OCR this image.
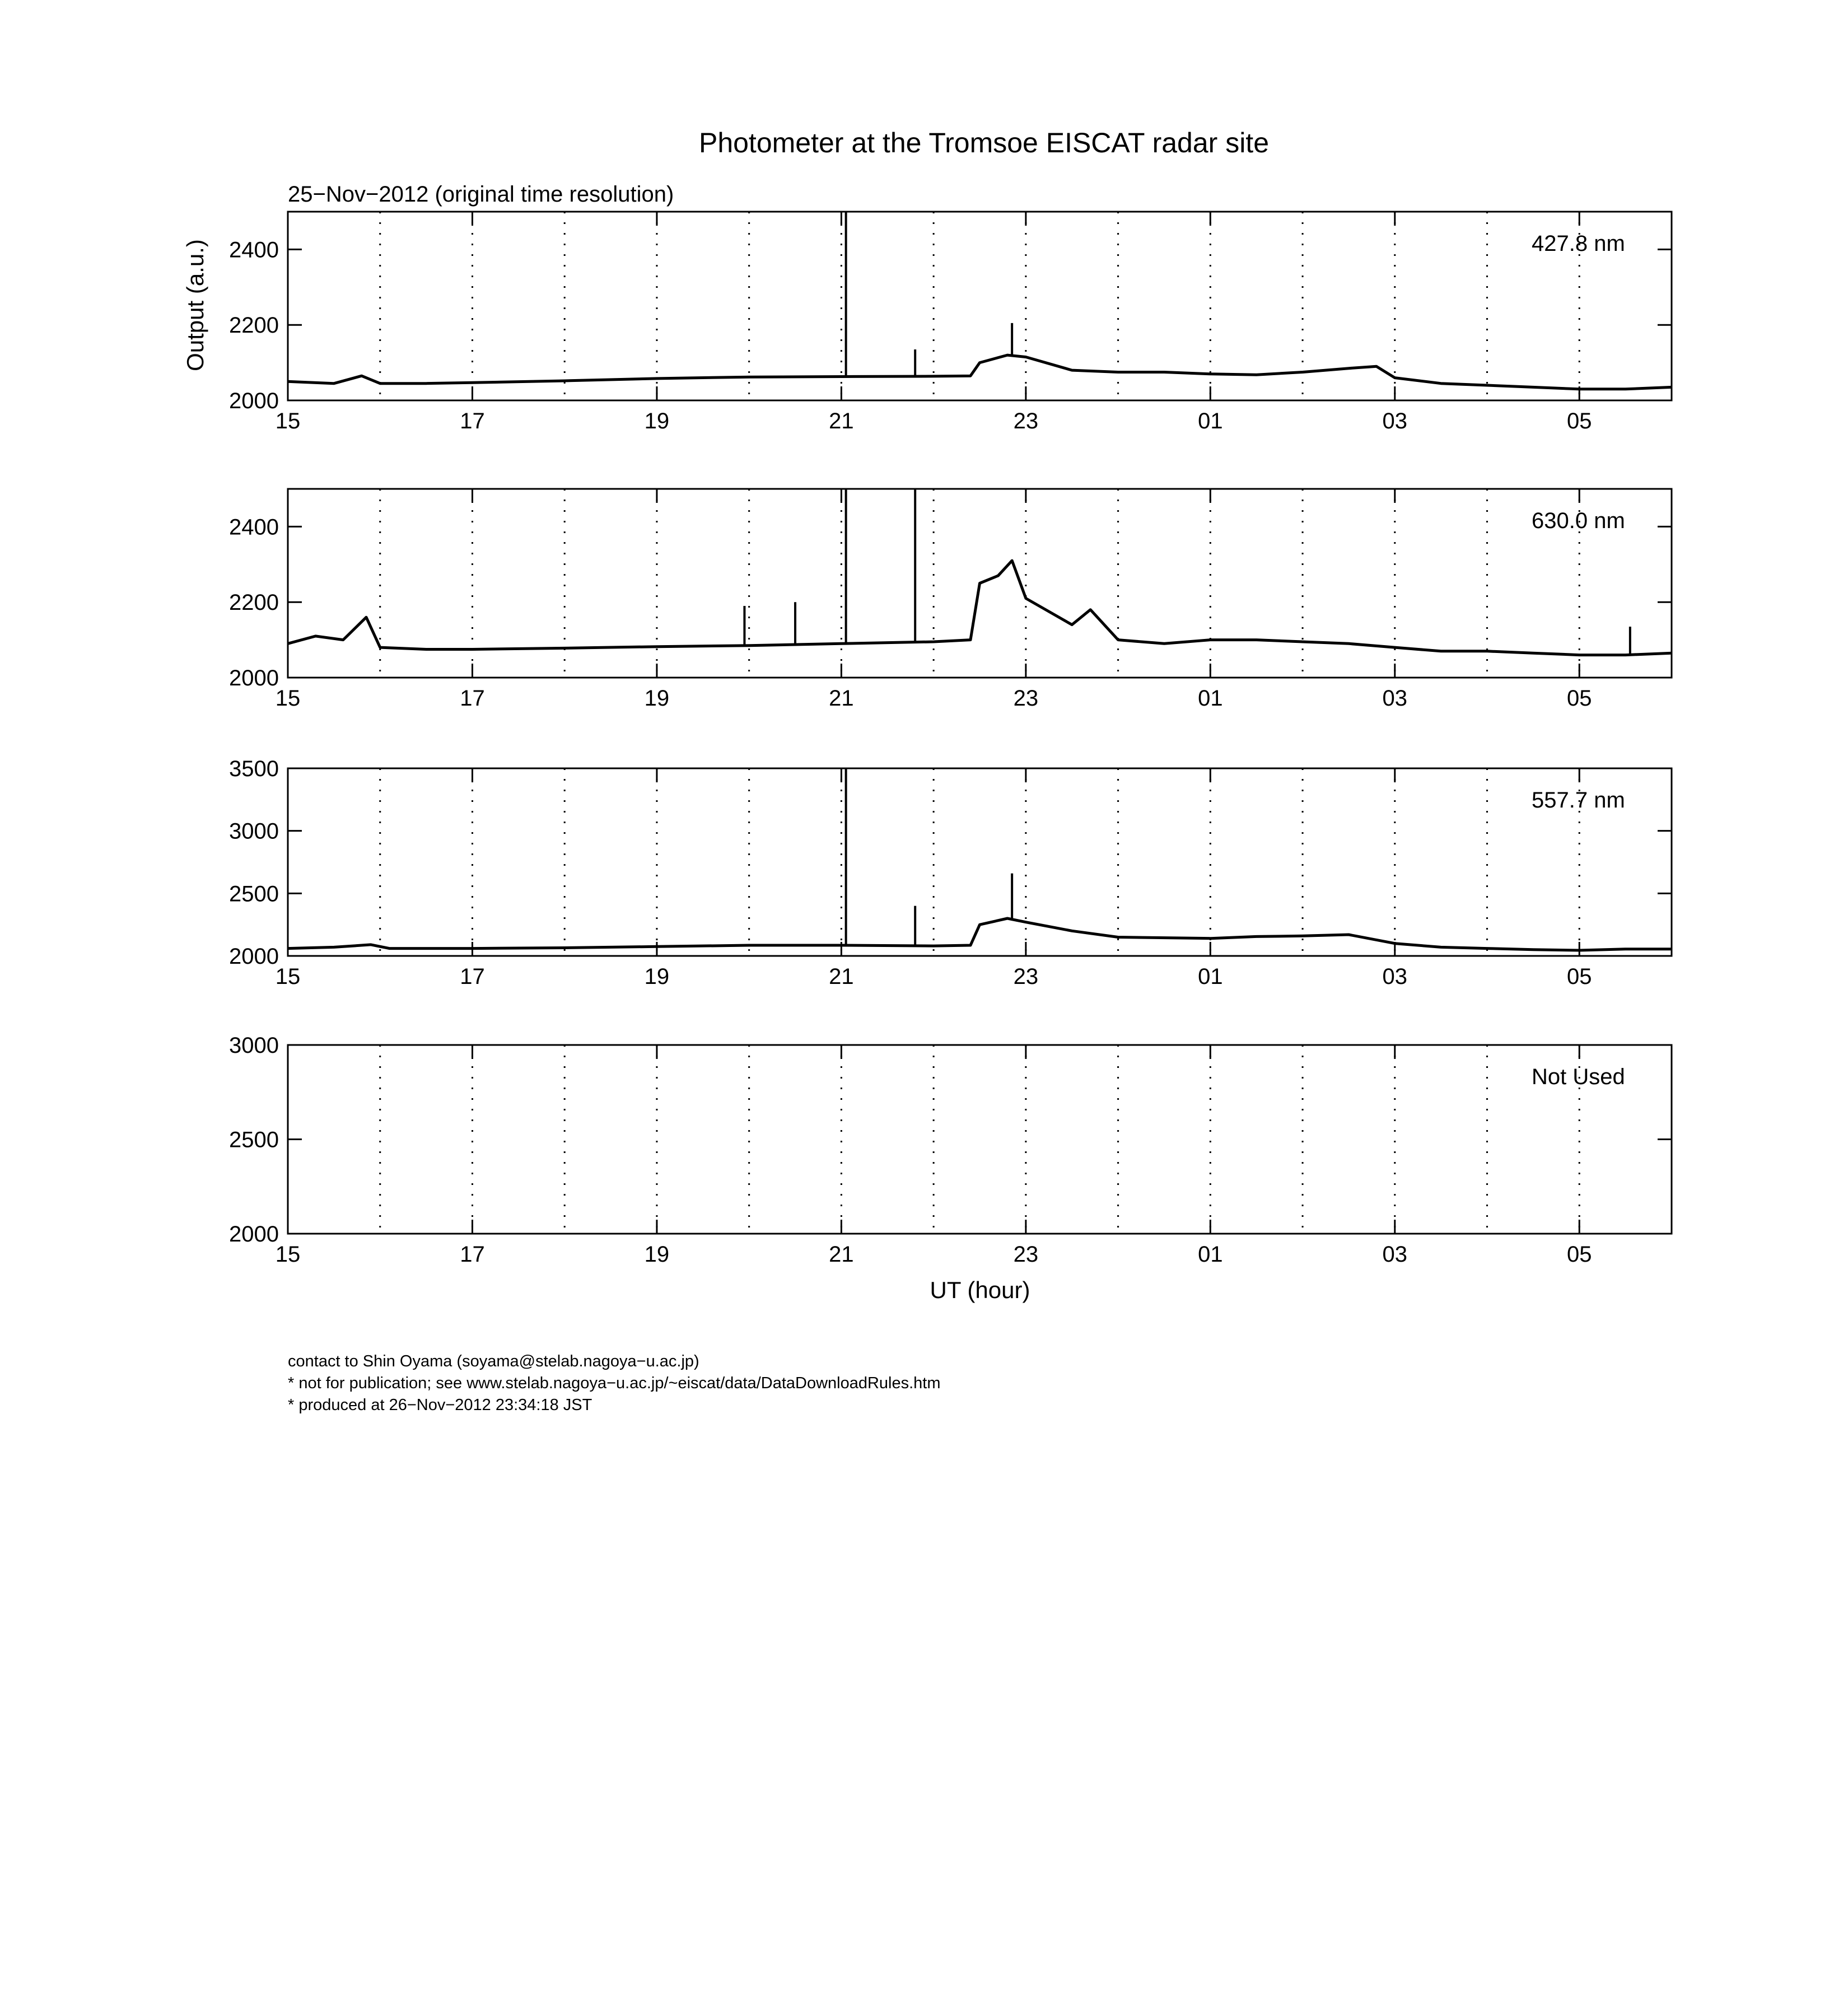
Photometer at the Tromsoe EISCAT radar site
25−Nov−2012 (original time resolution)
Output (a.u.)
UT (hour)
15	17	19	21	23	01	03	05
2000
2200
2400	427.8 nm
15	17	19	21	23	01	03	05
2000
2200
2400	630.0 nm
15	17	19	21	23	01	03	05
2000
2500
3000
3500
557.7 nm
15	17	19	21	23	01	03	05
2000
2500
3000
Not Used
contact to Shin Oyama (soyama@stelab.nagoya−u.ac.jp)
* not for publication; see www.stelab.nagoya−u.ac.jp/~eiscat/data/DataDownloadRules.htm
* produced at 26−Nov−2012 23:34:18 JST
